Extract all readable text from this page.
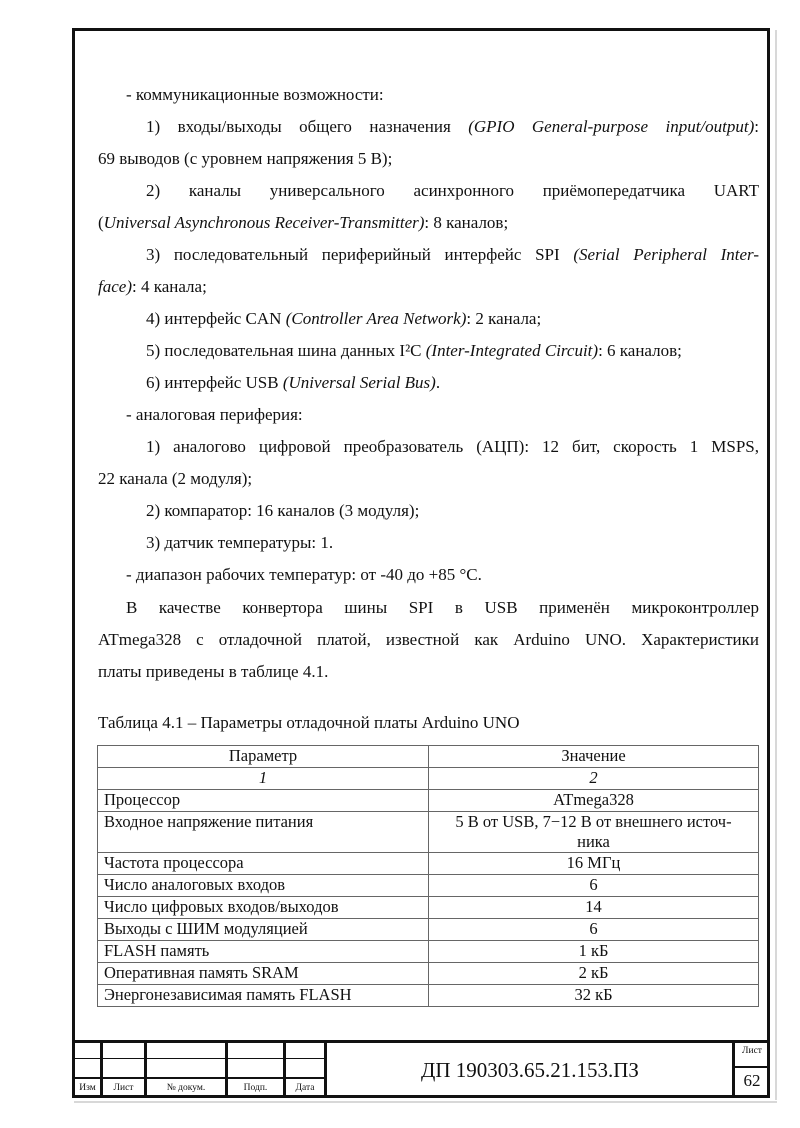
- коммуникационные возможности:
1) входы/выходы общего назначения (GPIO General-purpose input/output):
69 выводов (с уровнем напряжения 5 В);
2) каналы универсального асинхронного приёмопередатчика UART
(Universal Asynchronous Receiver-Transmitter): 8 каналов;
3) последовательный периферийный интерфейс SPI (Serial Peripheral Inter-
face): 4 канала;
4) интерфейс CAN (Controller Area Network): 2 канала;
5) последовательная шина данных I²C (Inter-Integrated Circuit): 6 каналов;
6) интерфейс USB (Universal Serial Bus).
- аналоговая периферия:
1) аналогово цифровой преобразователь (АЦП): 12 бит, скорость 1 MSPS,
22 канала (2 модуля);
2) компаратор: 16 каналов (3 модуля);
3) датчик температуры: 1.
- диапазон рабочих температур: от -40 до +85 °C.
В качестве конвертора шины SPI в USB применён микроконтроллер
ATmega328 с отладочной платой, известной как Arduino UNO. Характеристики
платы приведены в таблице 4.1.
Таблица 4.1 – Параметры отладочной платы Arduino UNO
Параметр	Значение
1	2
Процессор	ATmega328
Входное напряжение питания	5 В от USB, 7−12 В от внешнего источ-
ника

Частота процессора	16 МГц
Число аналоговых входов	6
Число цифровых входов/выходов	14
Выходы с ШИМ модуляцией	6
FLASH память	1 кБ
Оперативная память SRAM	2 кБ
Энергонезависимая память FLASH	32 кБ
Изм	Лист	№ докум.	Подп.	Дата
ДП 190303.65.21.153.ПЗ
Лист
62
